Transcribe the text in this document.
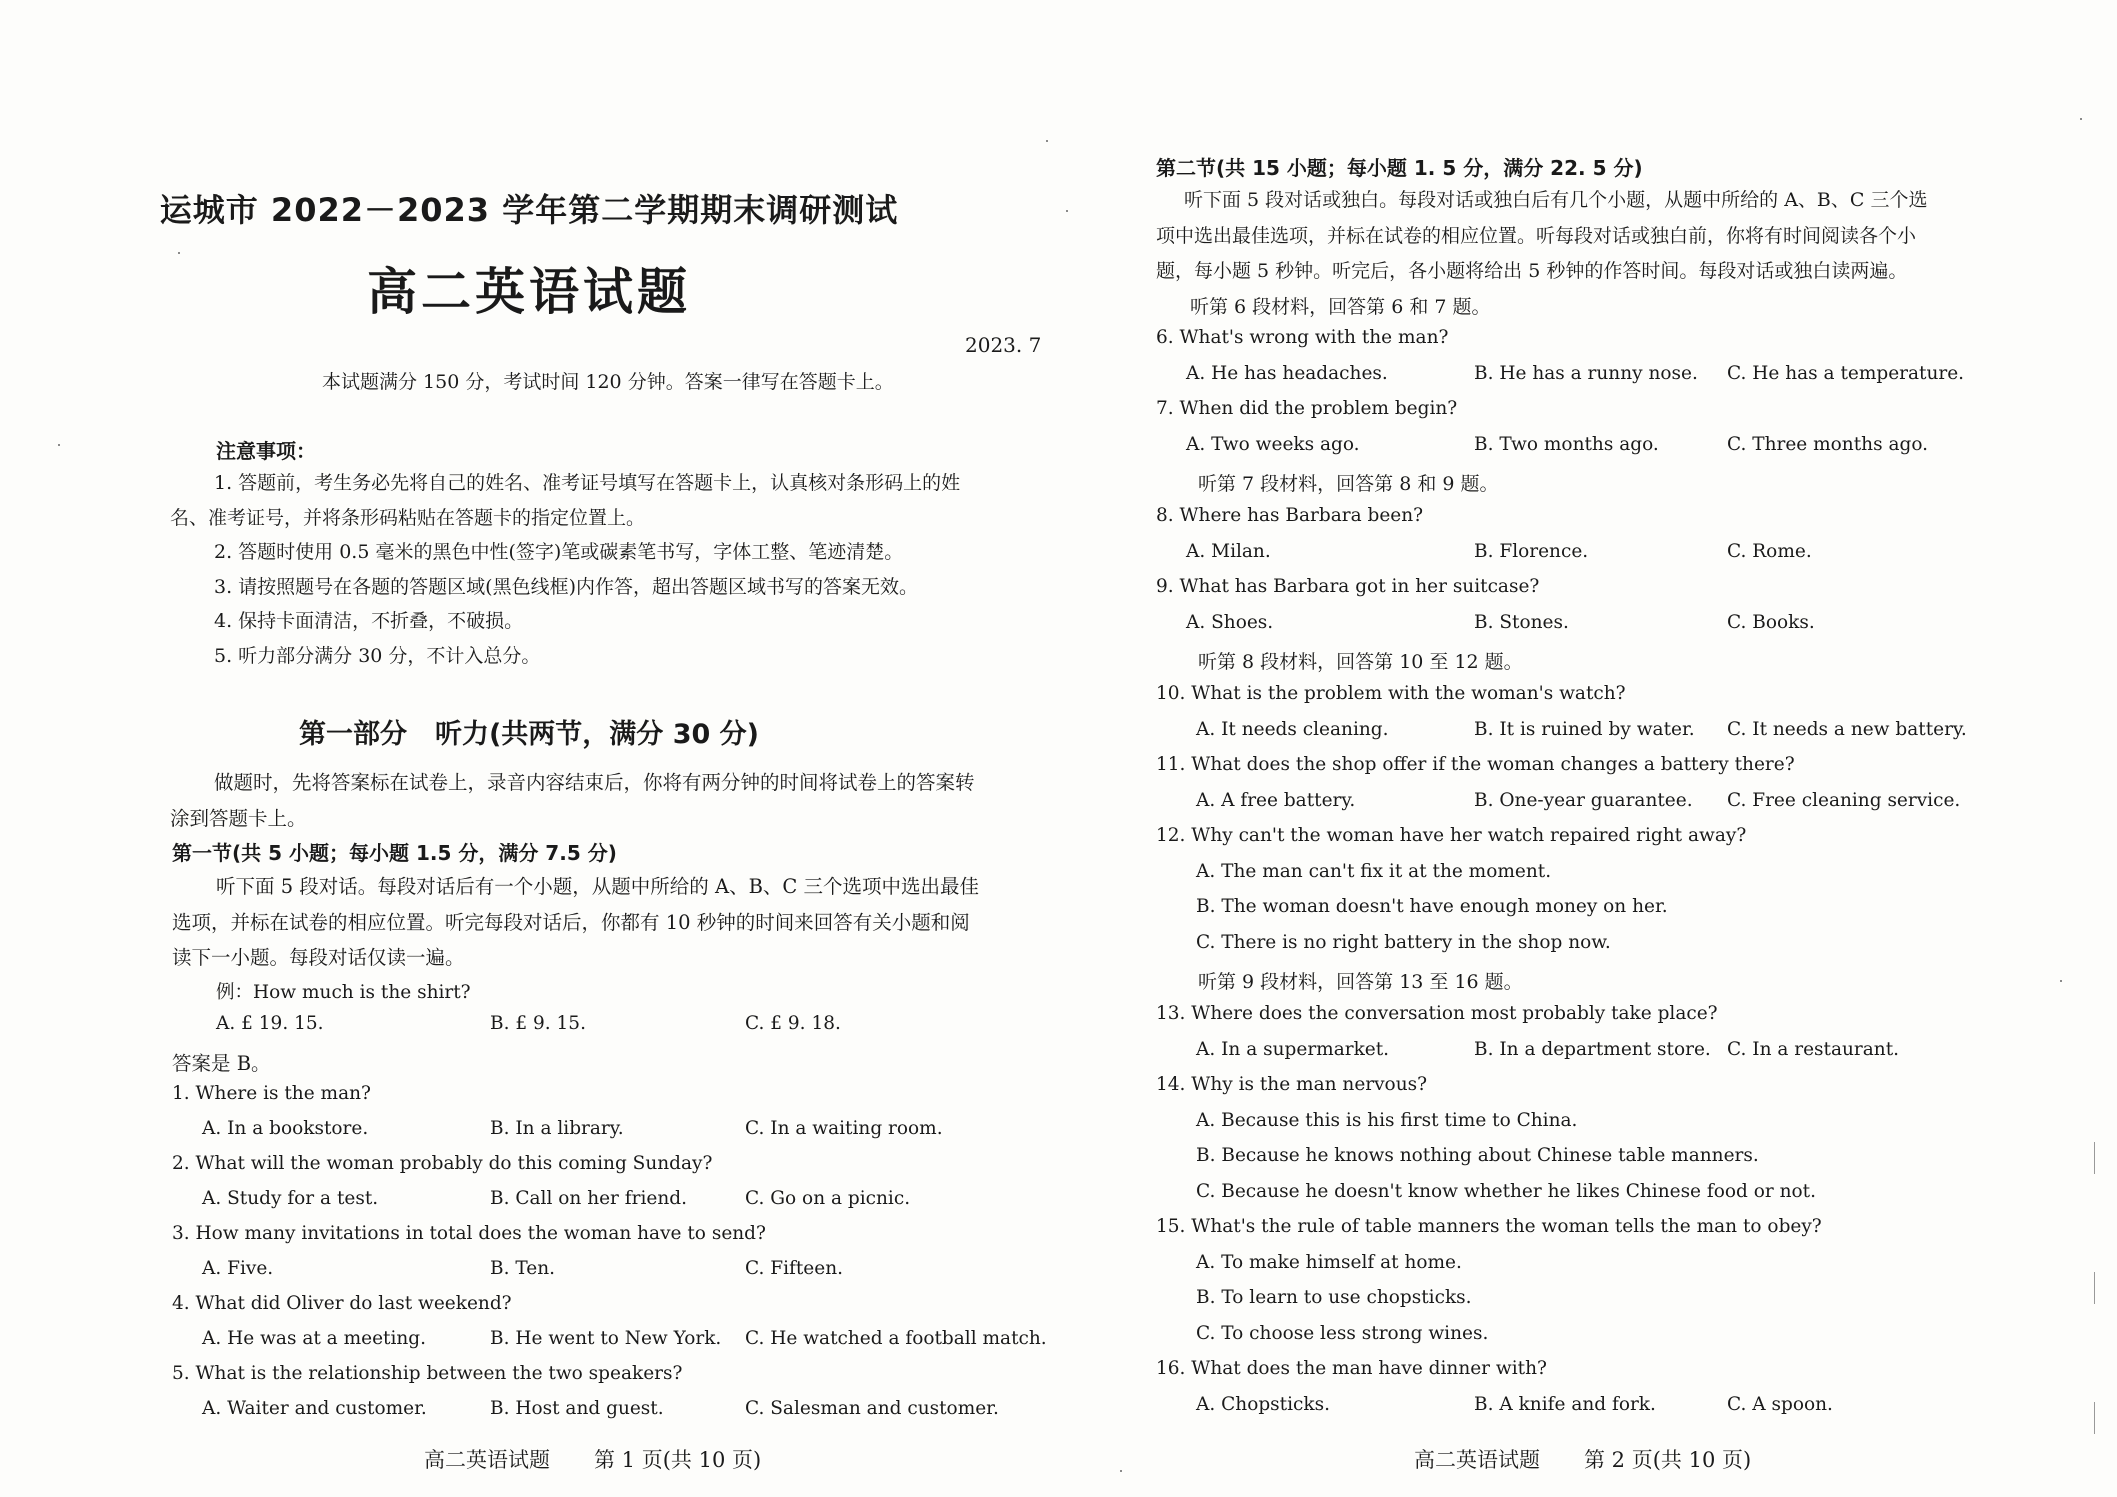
运城市 2022－2023 学年第二学期期末调研测试
高二英语试题
2023. 7
本试题满分 150 分，考试时间 120 分钟。答案一律写在答题卡上。
注意事项：

1. 答题前，考生务必先将自己的姓名、准考证号填写在答题卡上，认真核对条形码上的姓

名、准考证号，并将条形码粘贴在答题卡的指定位置上。

2. 答题时使用 0.5 毫米的黑色中性(签字)笔或碳素笔书写，字体工整、笔迹清楚。

3. 请按照题号在各题的答题区域(黑色线框)内作答，超出答题区域书写的答案无效。

4. 保持卡面清洁，不折叠，不破损。

5. 听力部分满分 30 分，不计入总分。

第一部分 听力(共两节，满分 30 分)

做题时，先将答案标在试卷上，录音内容结束后，你将有两分钟的时间将试卷上的答案转

涂到答题卡上。

第一节(共 5 小题；每小题 1.5 分，满分 7.5 分)

听下面 5 段对话。每段对话后有一个小题，从题中所给的 A、B、C 三个选项中选出最佳

选项，并标在试卷的相应位置。听完每段对话后，你都有 10 秒钟的时间来回答有关小题和阅

读下一小题。每段对话仅读一遍。

例：How much is the shirt?
A. £ 19. 15.	B. £ 9. 15.	C. £ 9. 18.
答案是 B。
1. Where is the man?
A. In a bookstore.	B. In a library.	C. In a waiting room.
2. What will the woman probably do this coming Sunday?
A. Study for a test.	B. Call on her friend.	C. Go on a picnic.
3. How many invitations in total does the woman have to send?
A. Five.	B. Ten.	C. Fifteen.
4. What did Oliver do last weekend?
A. He was at a meeting.	B. He went to New York. C. He watched a football match.
5. What is the relationship between the two speakers?
A. Waiter and customer.	B. Host and guest.	C. Salesman and customer.
高二英语试题 第 1 页(共 10 页)
第二节(共 15 小题；每小题 1. 5 分，满分 22. 5 分)

听下面 5 段对话或独白。每段对话或独白后有几个小题，从题中所给的 A、B、C 三个选

项中选出最佳选项，并标在试卷的相应位置。听每段对话或独白前，你将有时间阅读各个小

题，每小题 5 秒钟。听完后，各小题将给出 5 秒钟的作答时间。每段对话或独白读两遍。

听第 6 段材料，回答第 6 和 7 题。
6. What's wrong with the man?
A. He has headaches.	B. He has a runny nose. C. He has a temperature.
7. When did the problem begin?
A. Two weeks ago.	B. Two months ago.	C. Three months ago.
听第 7 段材料，回答第 8 和 9 题。
8. Where has Barbara been?
A. Milan.	B. Florence.	C. Rome.
9. What has Barbara got in her suitcase?
A. Shoes.	B. Stones.	C. Books.
听第 8 段材料，回答第 10 至 12 题。
10. What is the problem with the woman's watch?
A. It needs cleaning.	B. It is ruined by water. C. It needs a new battery.
11. What does the shop offer if the woman changes a battery there?
A. A free battery.	B. One-year guarantee. C. Free cleaning service.
12. Why can't the woman have her watch repaired right away?
A. The man can't fix it at the moment.
B. The woman doesn't have enough money on her.
C. There is no right battery in the shop now.
听第 9 段材料，回答第 13 至 16 题。
13. Where does the conversation most probably take place?
A. In a supermarket.	B. In a department store. C. In a restaurant.
14. Why is the man nervous?
A. Because this is his first time to China.
B. Because he knows nothing about Chinese table manners.
C. Because he doesn't know whether he likes Chinese food or not.
15. What's the rule of table manners the woman tells the man to obey?
A. To make himself at home.
B. To learn to use chopsticks.
C. To choose less strong wines.
16. What does the man have dinner with?
A. Chopsticks.	B. A knife and fork.	C. A spoon.
高二英语试题 第 2 页(共 10 页)
